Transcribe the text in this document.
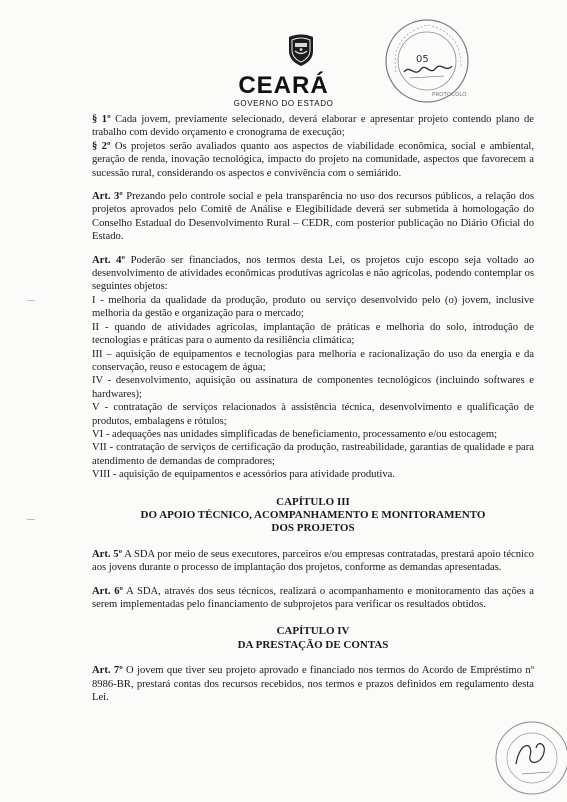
CEARÁ
GOVERNO DO ESTADO
05
PROTOCOLO

§ 1º Cada jovem, previamente selecionado, deverá elaborar e apresentar projeto contendo plano de trabalho com devido orçamento e cronograma de execução;

§ 2º Os projetos serão avaliados quanto aos aspectos de viabilidade econômica, social e ambiental, geração de renda, inovação tecnológica, impacto do projeto na comunidade, aspectos que favorecem a sucessão rural, considerando os aspectos e convivência com o semiárido.

Art. 3º Prezando pelo controle social e pela transparência no uso dos recursos públicos, a relação dos projetos aprovados pelo Comitê de Análise e Elegibilidade deverá ser submetida à homologação do Conselho Estadual do Desenvolvimento Rural – CEDR, com posterior publicação no Diário Oficial do Estado.

Art. 4º Poderão ser financiados, nos termos desta Lei, os projetos cujo escopo seja voltado ao desenvolvimento de atividades econômicas produtivas agrícolas e não agrícolas, podendo contemplar os seguintes objetos:

I - melhoria da qualidade da produção, produto ou serviço desenvolvido pelo (o) jovem, inclusive melhoria da gestão e organização para o mercado;

II - quando de atividades agrícolas, implantação de práticas e melhoria do solo, introdução de tecnologias e práticas para o aumento da resiliência climática;

III – aquisição de equipamentos e tecnologias para melhoria e racionalização do uso da energia e da conservação, reuso e estocagem de água;

IV - desenvolvimento, aquisição ou assinatura de componentes tecnológicos (incluindo softwares e hardwares);

V - contratação de serviços relacionados à assistência técnica, desenvolvimento e qualificação de produtos, embalagens e rótulos;

VI - adequações nas unidades simplificadas de beneficiamento, processamento e/ou estocagem;

VII - contratação de serviços de certificação da produção, rastreabilidade, garantias de qualidade e para atendimento de demandas de compradores;

VIII - aquisição de equipamentos e acessórios para atividade produtiva.

CAPÍTULO III
DO APOIO TÉCNICO, ACOMPANHAMENTO E MONITORAMENTO
DOS PROJETOS

Art. 5º A SDA por meio de seus executores, parceiros e/ou empresas contratadas, prestará apoio técnico aos jovens durante o processo de implantação dos projetos, conforme as demandas apresentadas.

Art. 6º A SDA, através dos seus técnicos, realizará o acompanhamento e monitoramento das ações a serem implementadas pelo financiamento de subprojetos para verificar os resultados obtidos.

CAPÍTULO IV
DA PRESTAÇÃO DE CONTAS

Art. 7º O jovem que tiver seu projeto aprovado e financiado nos termos do Acordo de Empréstimo nº 8986-BR, prestará contas dos recursos recebidos, nos termos e prazos definidos em regulamento desta Lei.
